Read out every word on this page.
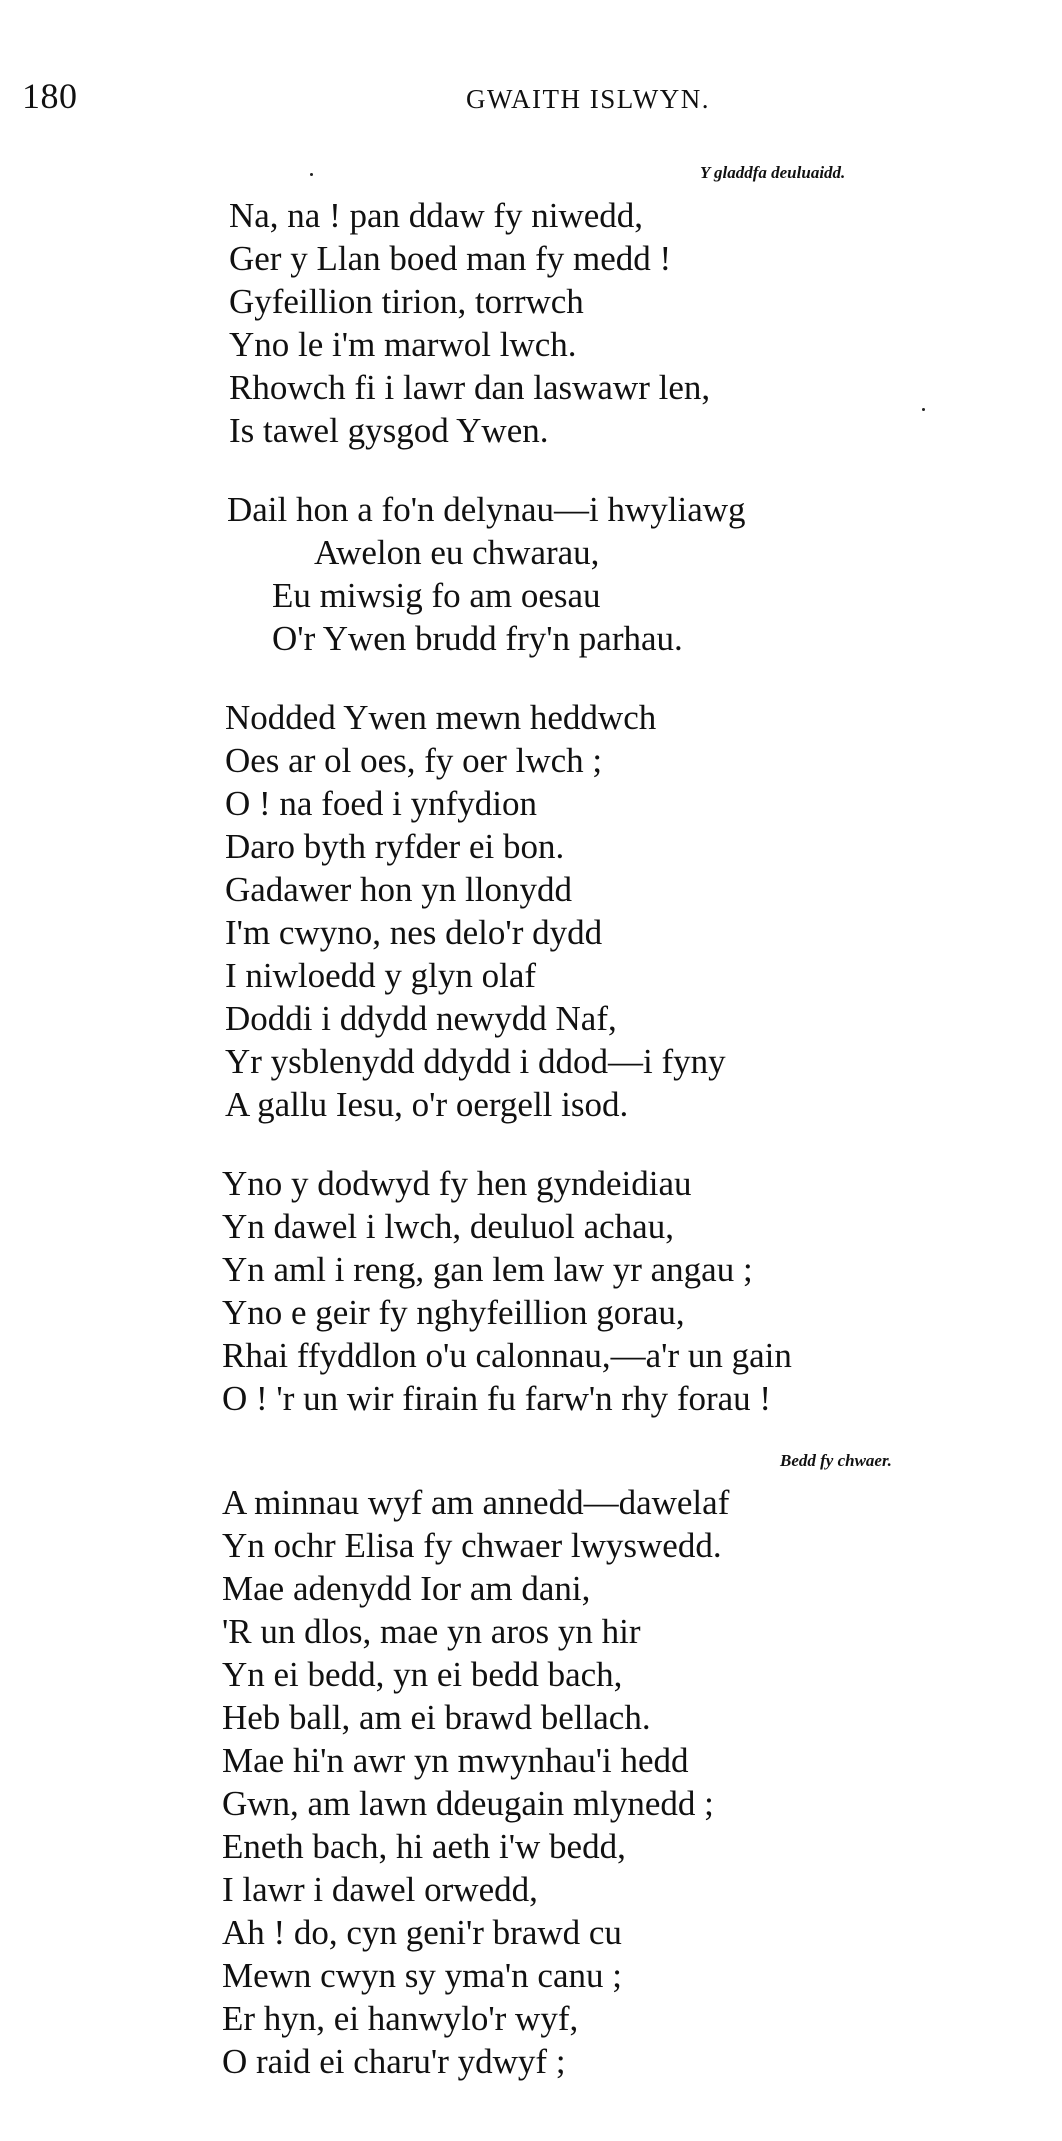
180	GWAITH ISLWYN.
Y gladdfa deuluaidd.
Na, na ! pan ddaw fy niwedd,
Ger y Llan boed man fy medd !
Gyfeillion tirion, torrwch
Yno le i'm marwol lwch.
Rhowch fi i lawr dan laswawr len,
Is tawel gysgod Ywen.
Dail hon a fo'n delynau—i hwyliawg
Awelon eu chwarau,
Eu miwsig fo am oesau
O'r Ywen brudd fry'n parhau.
Nodded Ywen mewn heddwch
Oes ar ol oes, fy oer lwch ;
O ! na foed i ynfydion
Daro byth ryfder ei bon.
Gadawer hon yn llonydd
I'm cwyno, nes delo'r dydd
I niwloedd y glyn olaf
Doddi i ddydd newydd Naf,
Yr ysblenydd ddydd i ddod—i fyny
A gallu Iesu, o'r oergell isod.
Yno y dodwyd fy hen gyndeidiau
Yn dawel i lwch, deuluol achau,
Yn aml i reng, gan lem law yr angau ;
Yno e geir fy nghyfeillion gorau,
Rhai ffyddlon o'u calonnau,—a'r un gain
O ! 'r un wir firain fu farw'n rhy forau !
Bedd fy chwaer.
A minnau wyf am annedd—dawelaf
Yn ochr Elisa fy chwaer lwyswedd.
Mae adenydd Ior am dani,
'R un dlos, mae yn aros yn hir
Yn ei bedd, yn ei bedd bach,
Heb ball, am ei brawd bellach.
Mae hi'n awr yn mwynhau'i hedd
Gwn, am lawn ddeugain mlynedd ;
Eneth bach, hi aeth i'w bedd,
I lawr i dawel orwedd,
Ah ! do, cyn geni'r brawd cu
Mewn cwyn sy yma'n canu ;
Er hyn, ei hanwylo'r wyf,
O raid ei charu'r ydwyf ;
